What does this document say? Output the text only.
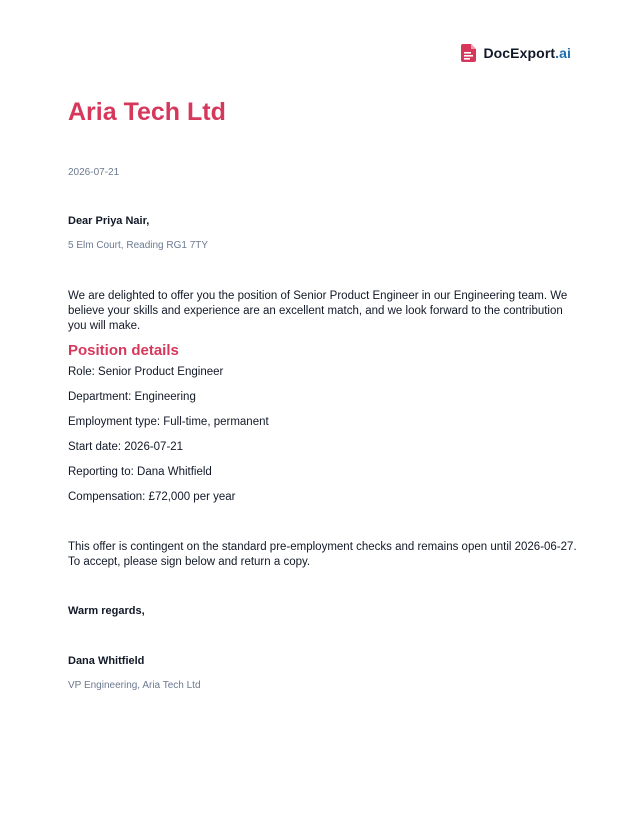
DocExport.ai
Aria Tech Ltd
2026-07-21
Dear Priya Nair,
5 Elm Court, Reading RG1 7TY

We are delighted to offer you the position of Senior Product Engineer in our Engineering team. We believe your skills and experience are an excellent match, and we look forward to the contribution you will make.

Position details
Role: Senior Product Engineer
Department: Engineering
Employment type: Full-time, permanent
Start date: 2026-07-21
Reporting to: Dana Whitfield
Compensation: £72,000 per year

This offer is contingent on the standard pre-employment checks and remains open until 2026-06-27. To accept, please sign below and return a copy.

Warm regards,
Dana Whitfield
VP Engineering, Aria Tech Ltd
